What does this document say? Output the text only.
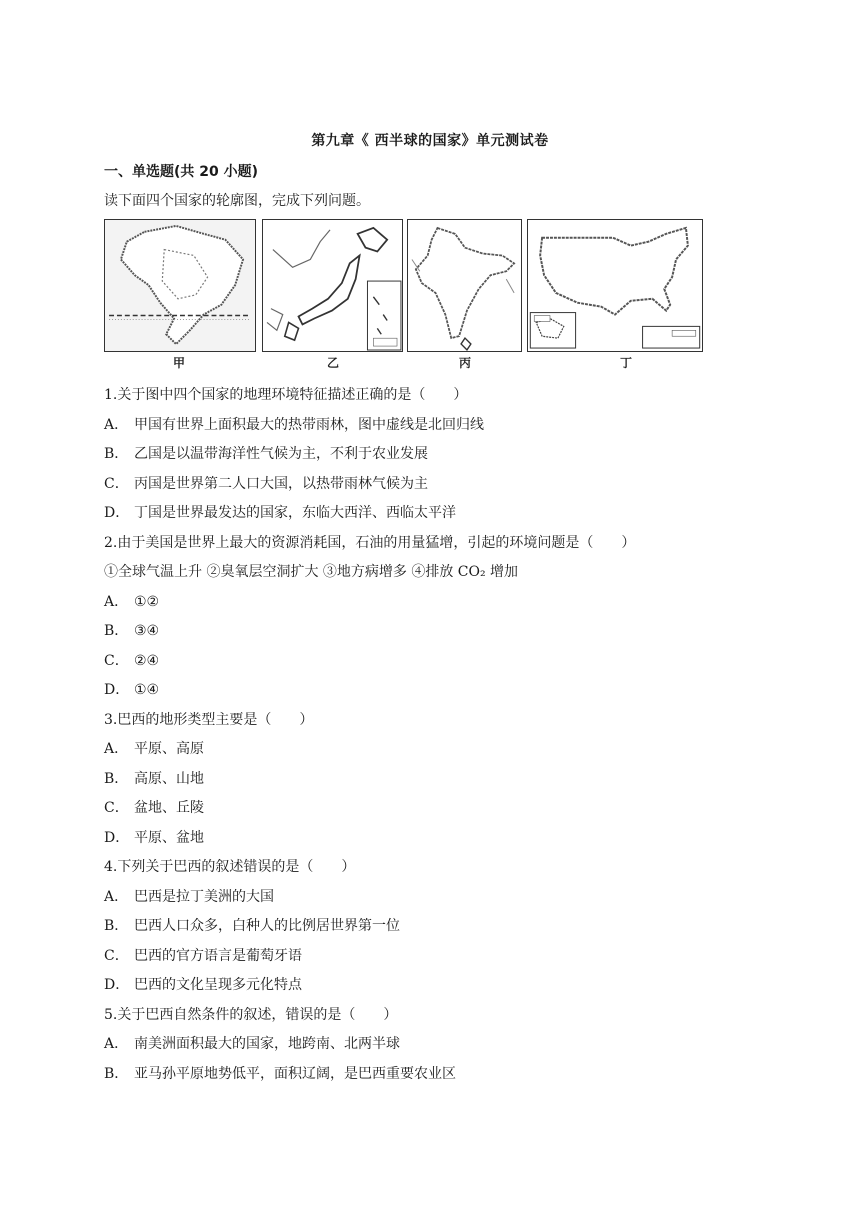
第九章《 西半球的国家》单元测试卷
一、单选题(共 20 小题)
读下面四个国家的轮廓图，完成下列问题。
甲	乙	丙	丁
1.关于图中四个国家的地理环境特征描述正确的是（　　）
A． 甲国有世界上面积最大的热带雨林，图中虚线是北回归线
B． 乙国是以温带海洋性气候为主，不利于农业发展
C． 丙国是世界第二人口大国，以热带雨林气候为主
D． 丁国是世界最发达的国家，东临大西洋、西临太平洋
2.由于美国是世界上最大的资源消耗国，石油的用量猛增，引起的环境问题是（　　）
①全球气温上升 ②臭氧层空洞扩大 ③地方病增多 ④排放 CO₂ 增加
A． ①②
B． ③④
C． ②④
D． ①④
3.巴西的地形类型主要是（　　）
A． 平原、高原
B． 高原、山地
C． 盆地、丘陵
D． 平原、盆地
4.下列关于巴西的叙述错误的是（　　）
A． 巴西是拉丁美洲的大国
B． 巴西人口众多，白种人的比例居世界第一位
C． 巴西的官方语言是葡萄牙语
D． 巴西的文化呈现多元化特点
5.关于巴西自然条件的叙述，错误的是（　　）
A． 南美洲面积最大的国家，地跨南、北两半球
B． 亚马孙平原地势低平，面积辽阔，是巴西重要农业区
